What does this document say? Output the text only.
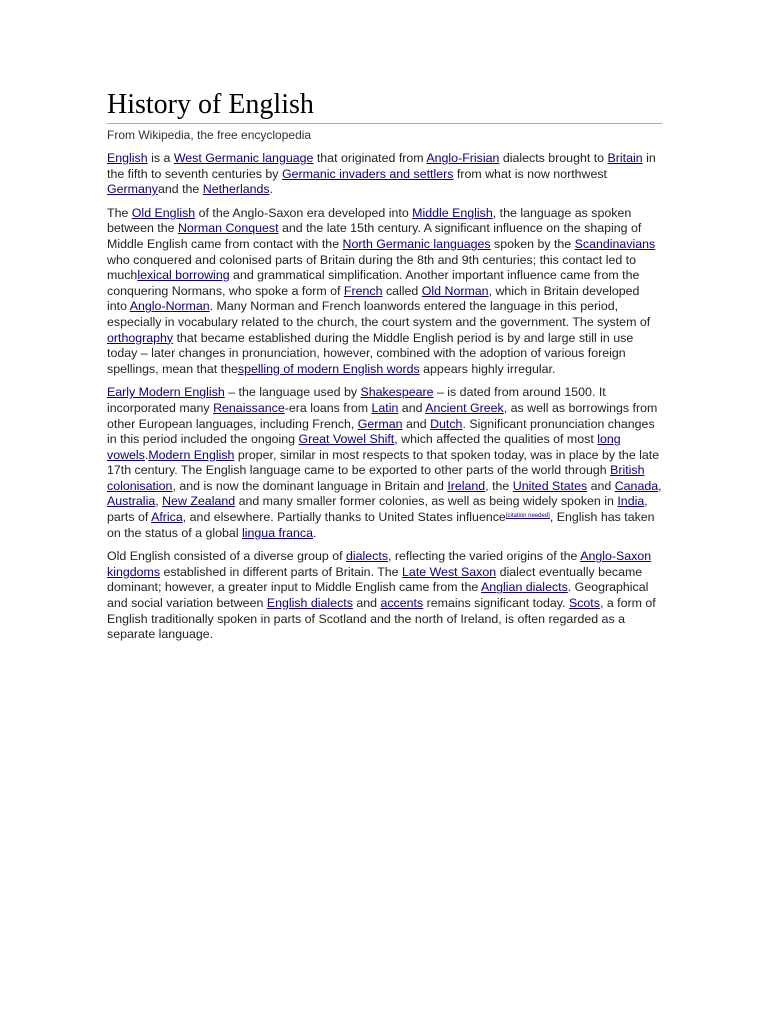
History of English
From Wikipedia, the free encyclopedia

English is a West Germanic language that originated from Anglo-Frisian dialects brought to Britain in the fifth to seventh centuries by Germanic invaders and settlers from what is now northwest Germanyand the Netherlands.

The Old English of the Anglo-Saxon era developed into Middle English, the language as spoken between the Norman Conquest and the late 15th century. A significant influence on the shaping of Middle English came from contact with the North Germanic languages spoken by the Scandinavians who conquered and colonised parts of Britain during the 8th and 9th centuries; this contact led to muchlexical borrowing and grammatical simplification. Another important influence came from the conquering Normans, who spoke a form of French called Old Norman, which in Britain developed into Anglo-Norman. Many Norman and French loanwords entered the language in this period, especially in vocabulary related to the church, the court system and the government. The system of orthography that became established during the Middle English period is by and large still in use today – later changes in pronunciation, however, combined with the adoption of various foreign spellings, mean that thespelling of modern English words appears highly irregular.

Early Modern English – the language used by Shakespeare – is dated from around 1500. It incorporated many Renaissance-era loans from Latin and Ancient Greek, as well as borrowings from other European languages, including French, German and Dutch. Significant pronunciation changes in this period included the ongoing Great Vowel Shift, which affected the qualities of most long vowels.Modern English proper, similar in most respects to that spoken today, was in place by the late 17th century. The English language came to be exported to other parts of the world through British colonisation, and is now the dominant language in Britain and Ireland, the United States and Canada, Australia, New Zealand and many smaller former colonies, as well as being widely spoken in India, parts of Africa, and elsewhere. Partially thanks to United States influence[citation needed], English has taken on the status of a global lingua franca.

Old English consisted of a diverse group of dialects, reflecting the varied origins of the Anglo-Saxon kingdoms established in different parts of Britain. The Late West Saxon dialect eventually became dominant; however, a greater input to Middle English came from the Anglian dialects. Geographical and social variation between English dialects and accents remains significant today. Scots, a form of English traditionally spoken in parts of Scotland and the north of Ireland, is often regarded as a separate language.
